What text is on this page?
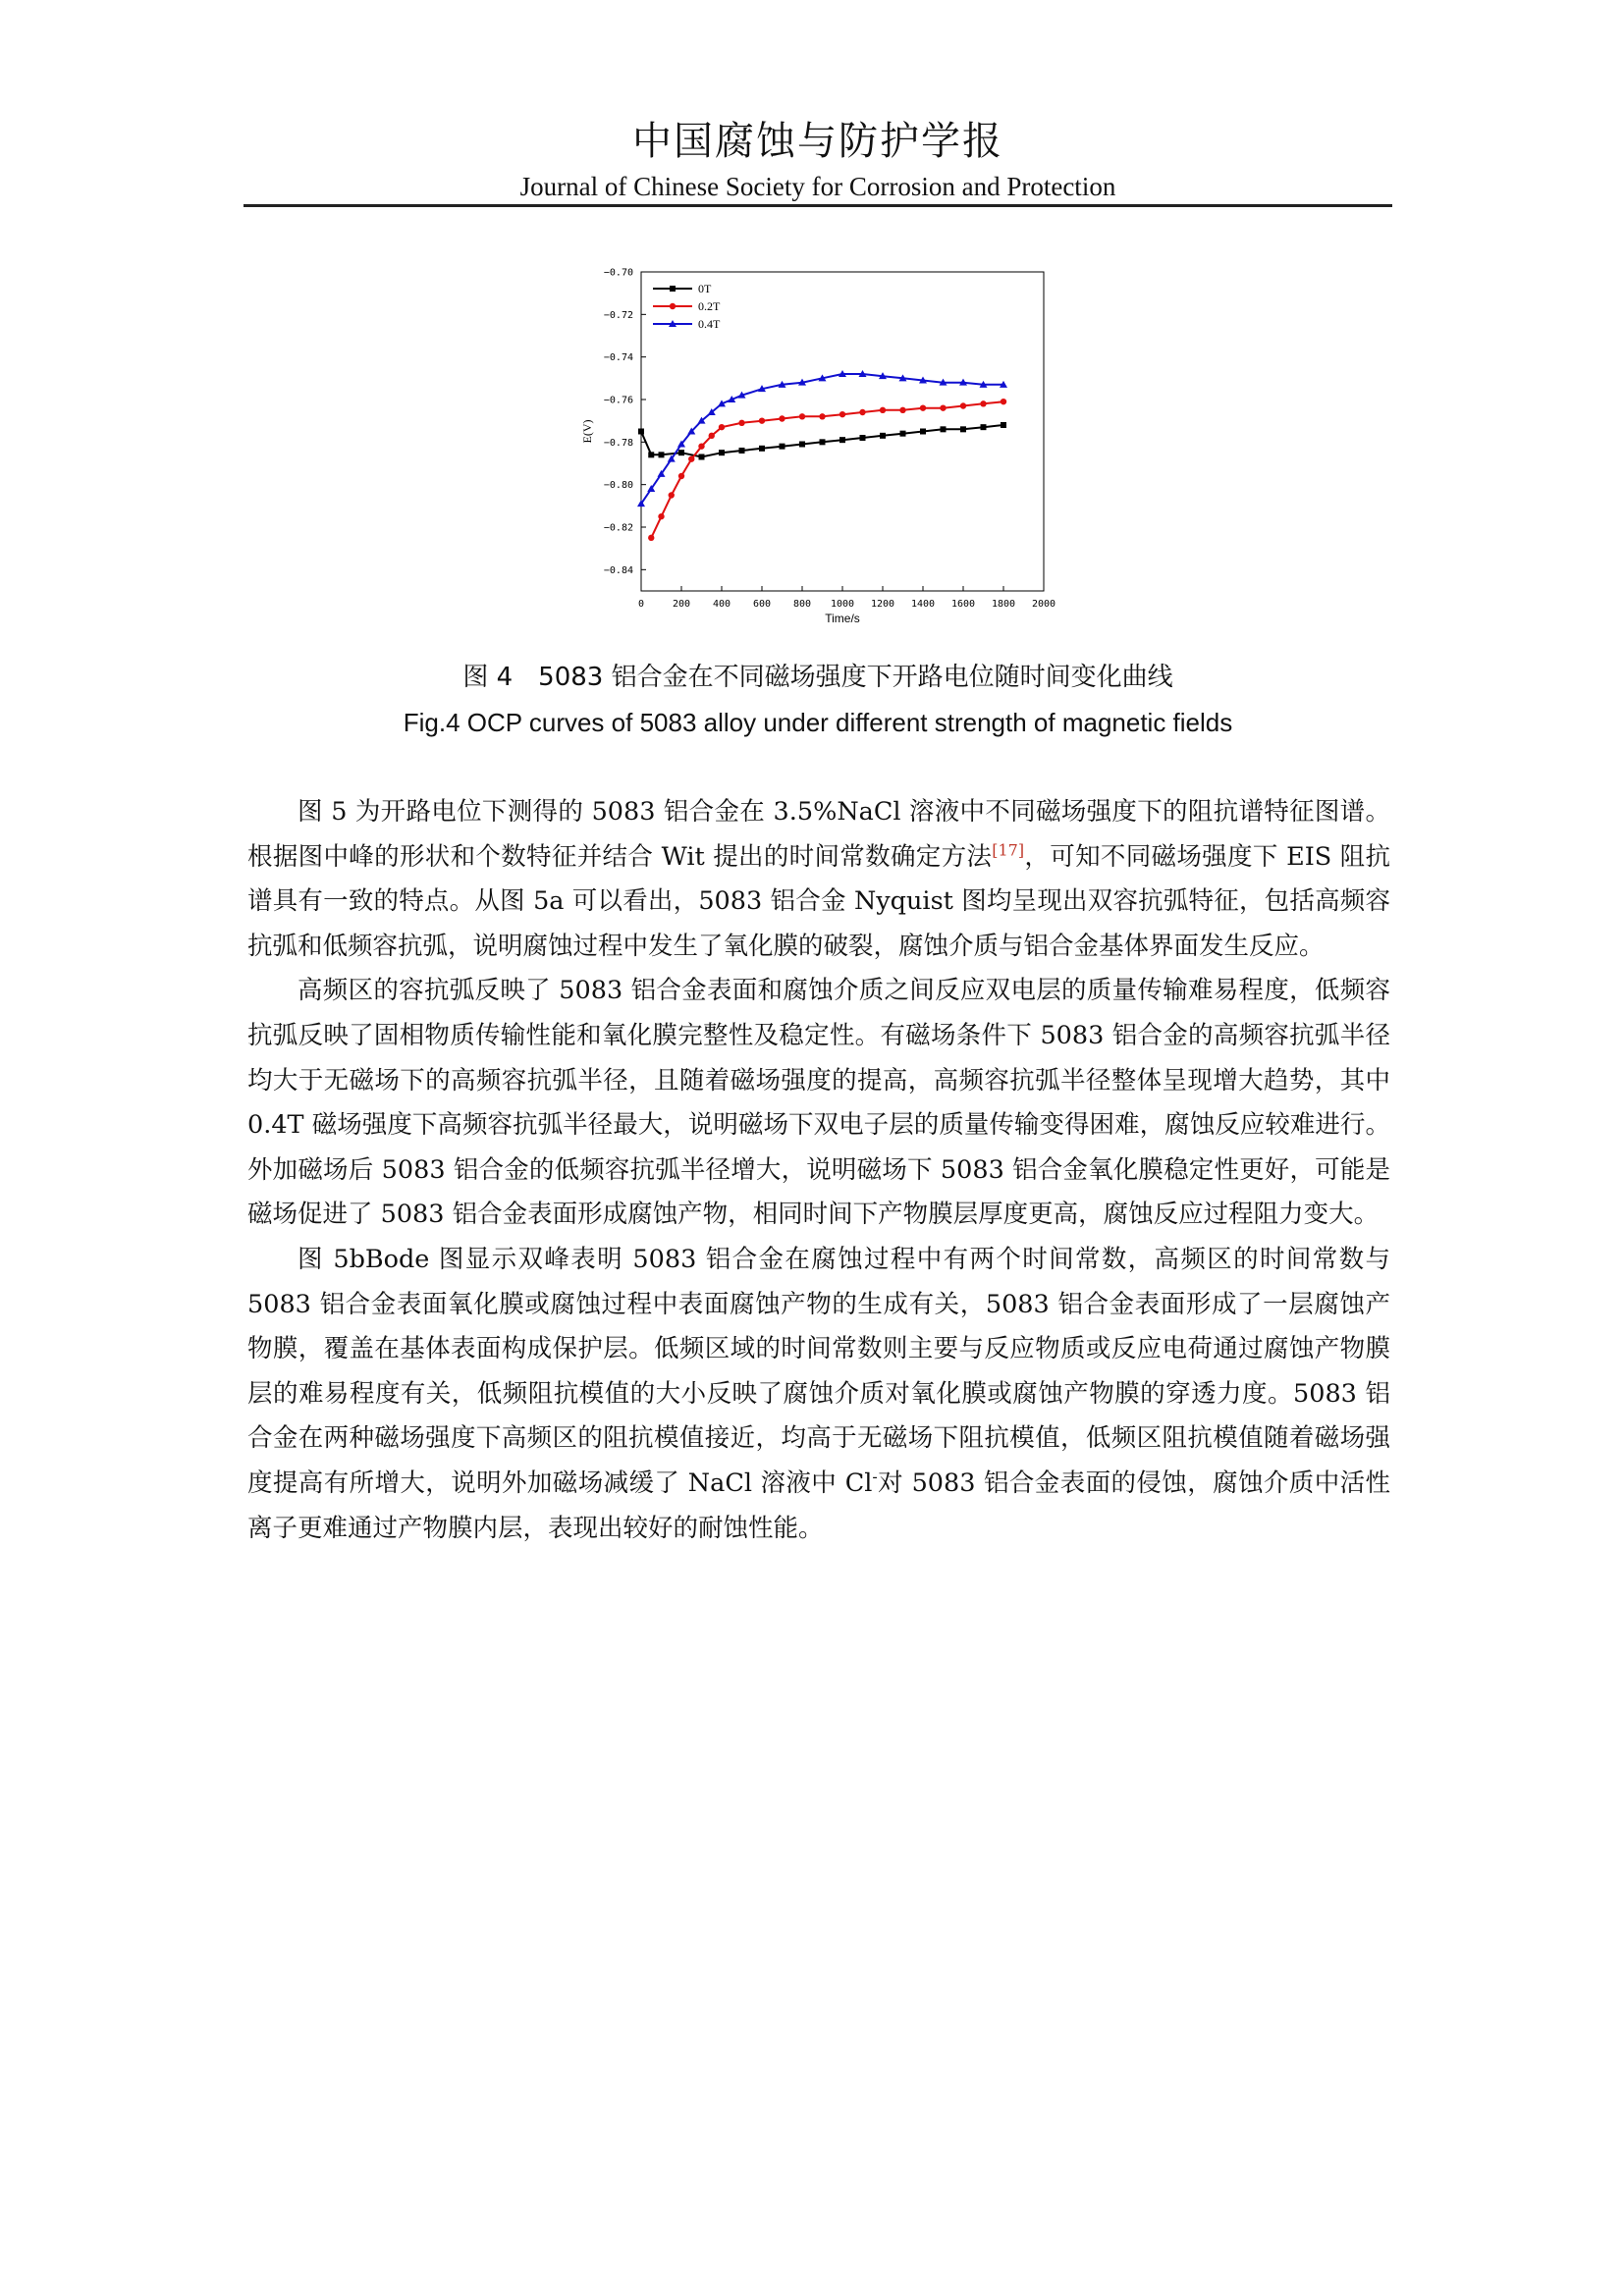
中国腐蚀与防护学报
Journal of Chinese Society for Corrosion and Protection
0	200 400 600 800 1000 1200 1400 1600 1800 2000
−0.70
−0.72
−0.74
−0.76
−0.78
−0.80
−0.82
−0.84
Time/s
E(V)
0T
0.2T
0.4T
图 4　5083 铝合金在不同磁场强度下开路电位随时间变化曲线
Fig.4 OCP curves of 5083 alloy under different strength of magnetic fields

图 5 为开路电位下测得的 5083 铝合金在 3.5%NaCl 溶液中不同磁场强度下的阻抗谱特征图谱。根据图中峰的形状和个数特征并结合 Wit 提出的时间常数确定方法[17]，可知不同磁场强度下 EIS 阻抗谱具有一致的特点。从图 5a 可以看出，5083 铝合金 Nyquist 图均呈现出双容抗弧特征，包括高频容抗弧和低频容抗弧，说明腐蚀过程中发生了氧化膜的破裂，腐蚀介质与铝合金基体界面发生反应。

高频区的容抗弧反映了 5083 铝合金表面和腐蚀介质之间反应双电层的质量传输难易程度，低频容抗弧反映了固相物质传输性能和氧化膜完整性及稳定性。有磁场条件下 5083 铝合金的高频容抗弧半径均大于无磁场下的高频容抗弧半径，且随着磁场强度的提高，高频容抗弧半径整体呈现增大趋势，其中 0.4T 磁场强度下高频容抗弧半径最大，说明磁场下双电子层的质量传输变得困难，腐蚀反应较难进行。外加磁场后 5083 铝合金的低频容抗弧半径增大，说明磁场下 5083 铝合金氧化膜稳定性更好，可能是磁场促进了 5083 铝合金表面形成腐蚀产物，相同时间下产物膜层厚度更高，腐蚀反应过程阻力变大。

图 5bBode 图显示双峰表明 5083 铝合金在腐蚀过程中有两个时间常数，高频区的时间常数与 5083 铝合金表面氧化膜或腐蚀过程中表面腐蚀产物的生成有关，5083 铝合金表面形成了一层腐蚀产物膜，覆盖在基体表面构成保护层。低频区域的时间常数则主要与反应物质或反应电荷通过腐蚀产物膜层的难易程度有关，低频阻抗模值的大小反映了腐蚀介质对氧化膜或腐蚀产物膜的穿透力度。5083 铝合金在两种磁场强度下高频区的阻抗模值接近，均高于无磁场下阻抗模值，低频区阻抗模值随着磁场强度提高有所增大，说明外加磁场减缓了 NaCl 溶液中 Cl-对 5083 铝合金表面的侵蚀，腐蚀介质中活性离子更难通过产物膜内层，表现出较好的耐蚀性能。
